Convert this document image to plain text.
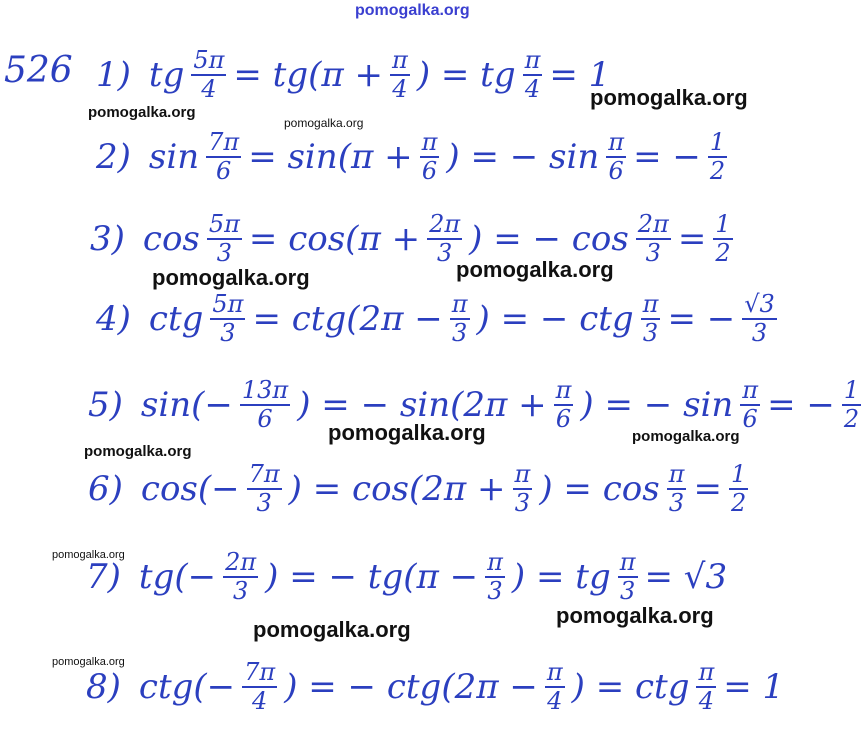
pomogalka.org
526 1) tg $\frac{5\pi}{4} = tg(\pi + \frac{\pi}{4}$ ) = tg $\frac{\pi}{4} = 1$
2) $\sin \frac{7\pi}{6} = \sin(\pi + \frac{\pi}{6}$ ) = − $\sin \frac{\pi}{6}$ = − $\frac{1}{2}$
3) $\cos \frac{5\pi}{3} = \cos(\pi + \frac{2\pi}{3}$ ) = − $\cos \frac{2\pi}{3} = \frac{1}{2}$
4) ctg $\frac{5\pi}{3} = ctg(2\pi - \frac{\pi}{3}$ ) = − ctg $\frac{\pi}{3}$ = − $\frac{√3}{3}$
5) $\sin(- \frac{13\pi}{6}$ ) = − $\sin(2\pi + \frac{\pi}{6}$ ) = − $\sin \frac{\pi}{6}$ = − $\frac{1}{2}$
6) $\cos(- \frac{7\pi}{3}$ ) = $\cos(2\pi + \frac{\pi}{3}$ ) = $\cos \frac{\pi}{3} = \frac{1}{2}$
7) $tg(- \frac{2\pi}{3}$ ) = − $tg(\pi - \frac{\pi}{3}$ ) = tg $\frac{\pi}{3} = √3$
8) $ctg(- \frac{7\pi}{4}$ ) = − $ctg(2\pi - \frac{\pi}{4}$ ) = ctg $\frac{\pi}{4} = 1$
pomogalka.org
pomogalka.org
pomogalka.org
pomogalka.org	pomogalka.org
pomogalka.org	pomogalka.org
pomogalka.org
pomogalka.org
pomogalka.org
pomogalka.org
pomogalka.org
